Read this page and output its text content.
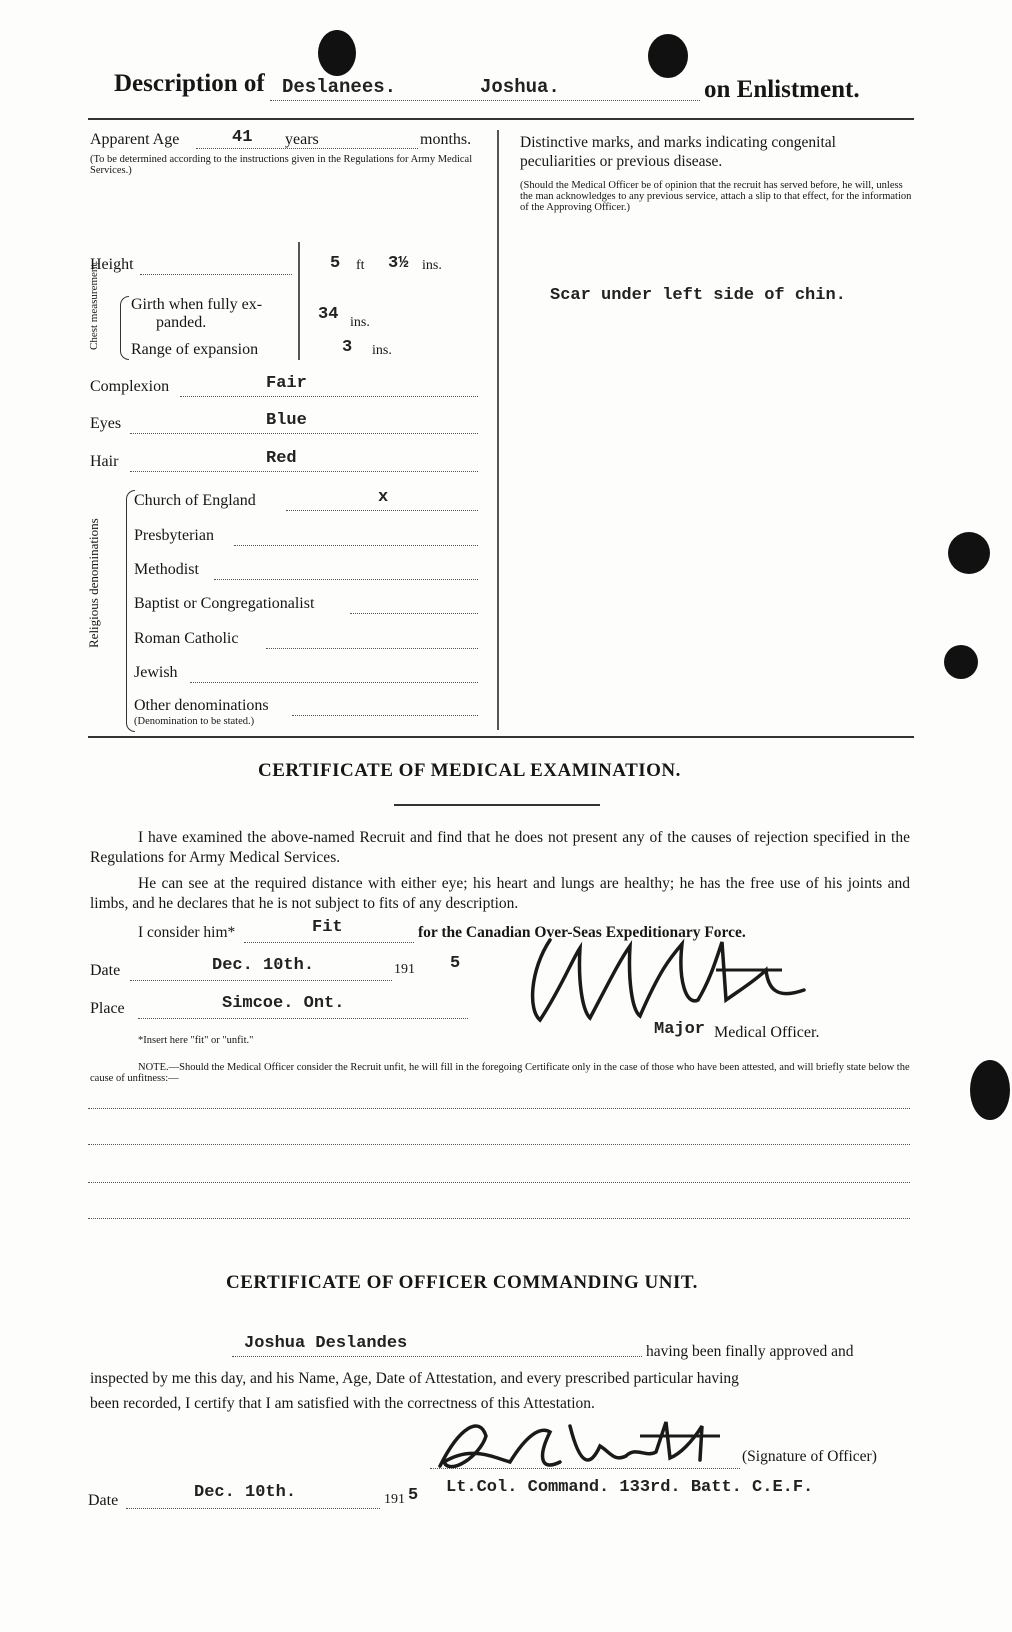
Description of Deslanees.	Joshua.	on Enlistment.
Apparent Age	41 years	months.
(To be determined according to the instructions given in the Regulations for Army Medical Services.)
Height	5 ft 3½ ins.
Chest measurement. Girth when fully ex-
panded.	34 ins.
Range of expansion	3 ins.
Complexion	Fair
Eyes	Blue
Hair	Red
Religious denominations
Church of England	x
Presbyterian
Methodist
Baptist or Congregationalist
Roman Catholic
Jewish
Other denominations
(Denomination to be stated.)
Distinctive marks, and marks indicating congenital peculiarities or previous disease.
(Should the Medical Officer be of opinion that the recruit has served before, he will, unless the man acknowledges to any previous service, attach a slip to that effect, for the information of the Approving Officer.)
Scar under left side of chin.
CERTIFICATE OF MEDICAL EXAMINATION.
I have examined the above-named Recruit and find that he does not present any of the causes of rejection specified in the Regulations for Army Medical Services.
He can see at the required distance with either eye; his heart and lungs are healthy; he has the free use of his joints and limbs, and he declares that he is not subject to fits of any description.
I consider him*	Fit	for the Canadian Over-Seas Expeditionary Force.
Date	Dec. 10th.	191 5
Place	Simcoe. Ont.
Major Medical Officer.
*Insert here "fit" or "unfit."
NOTE.—Should the Medical Officer consider the Recruit unfit, he will fill in the foregoing Certificate only in the case of those who have been attested, and will briefly state below the cause of unfitness:—
CERTIFICATE OF OFFICER COMMANDING UNIT.
Joshua Deslandes	having been finally approved and
inspected by me this day, and his Name, Age, Date of Attestation, and every prescribed particular having
been recorded, I certify that I am satisfied with the correctness of this Attestation.
(Signature of Officer)
Date	Dec. 10th.	191 5 Lt.Col. Command. 133rd. Batt. C.E.F.
